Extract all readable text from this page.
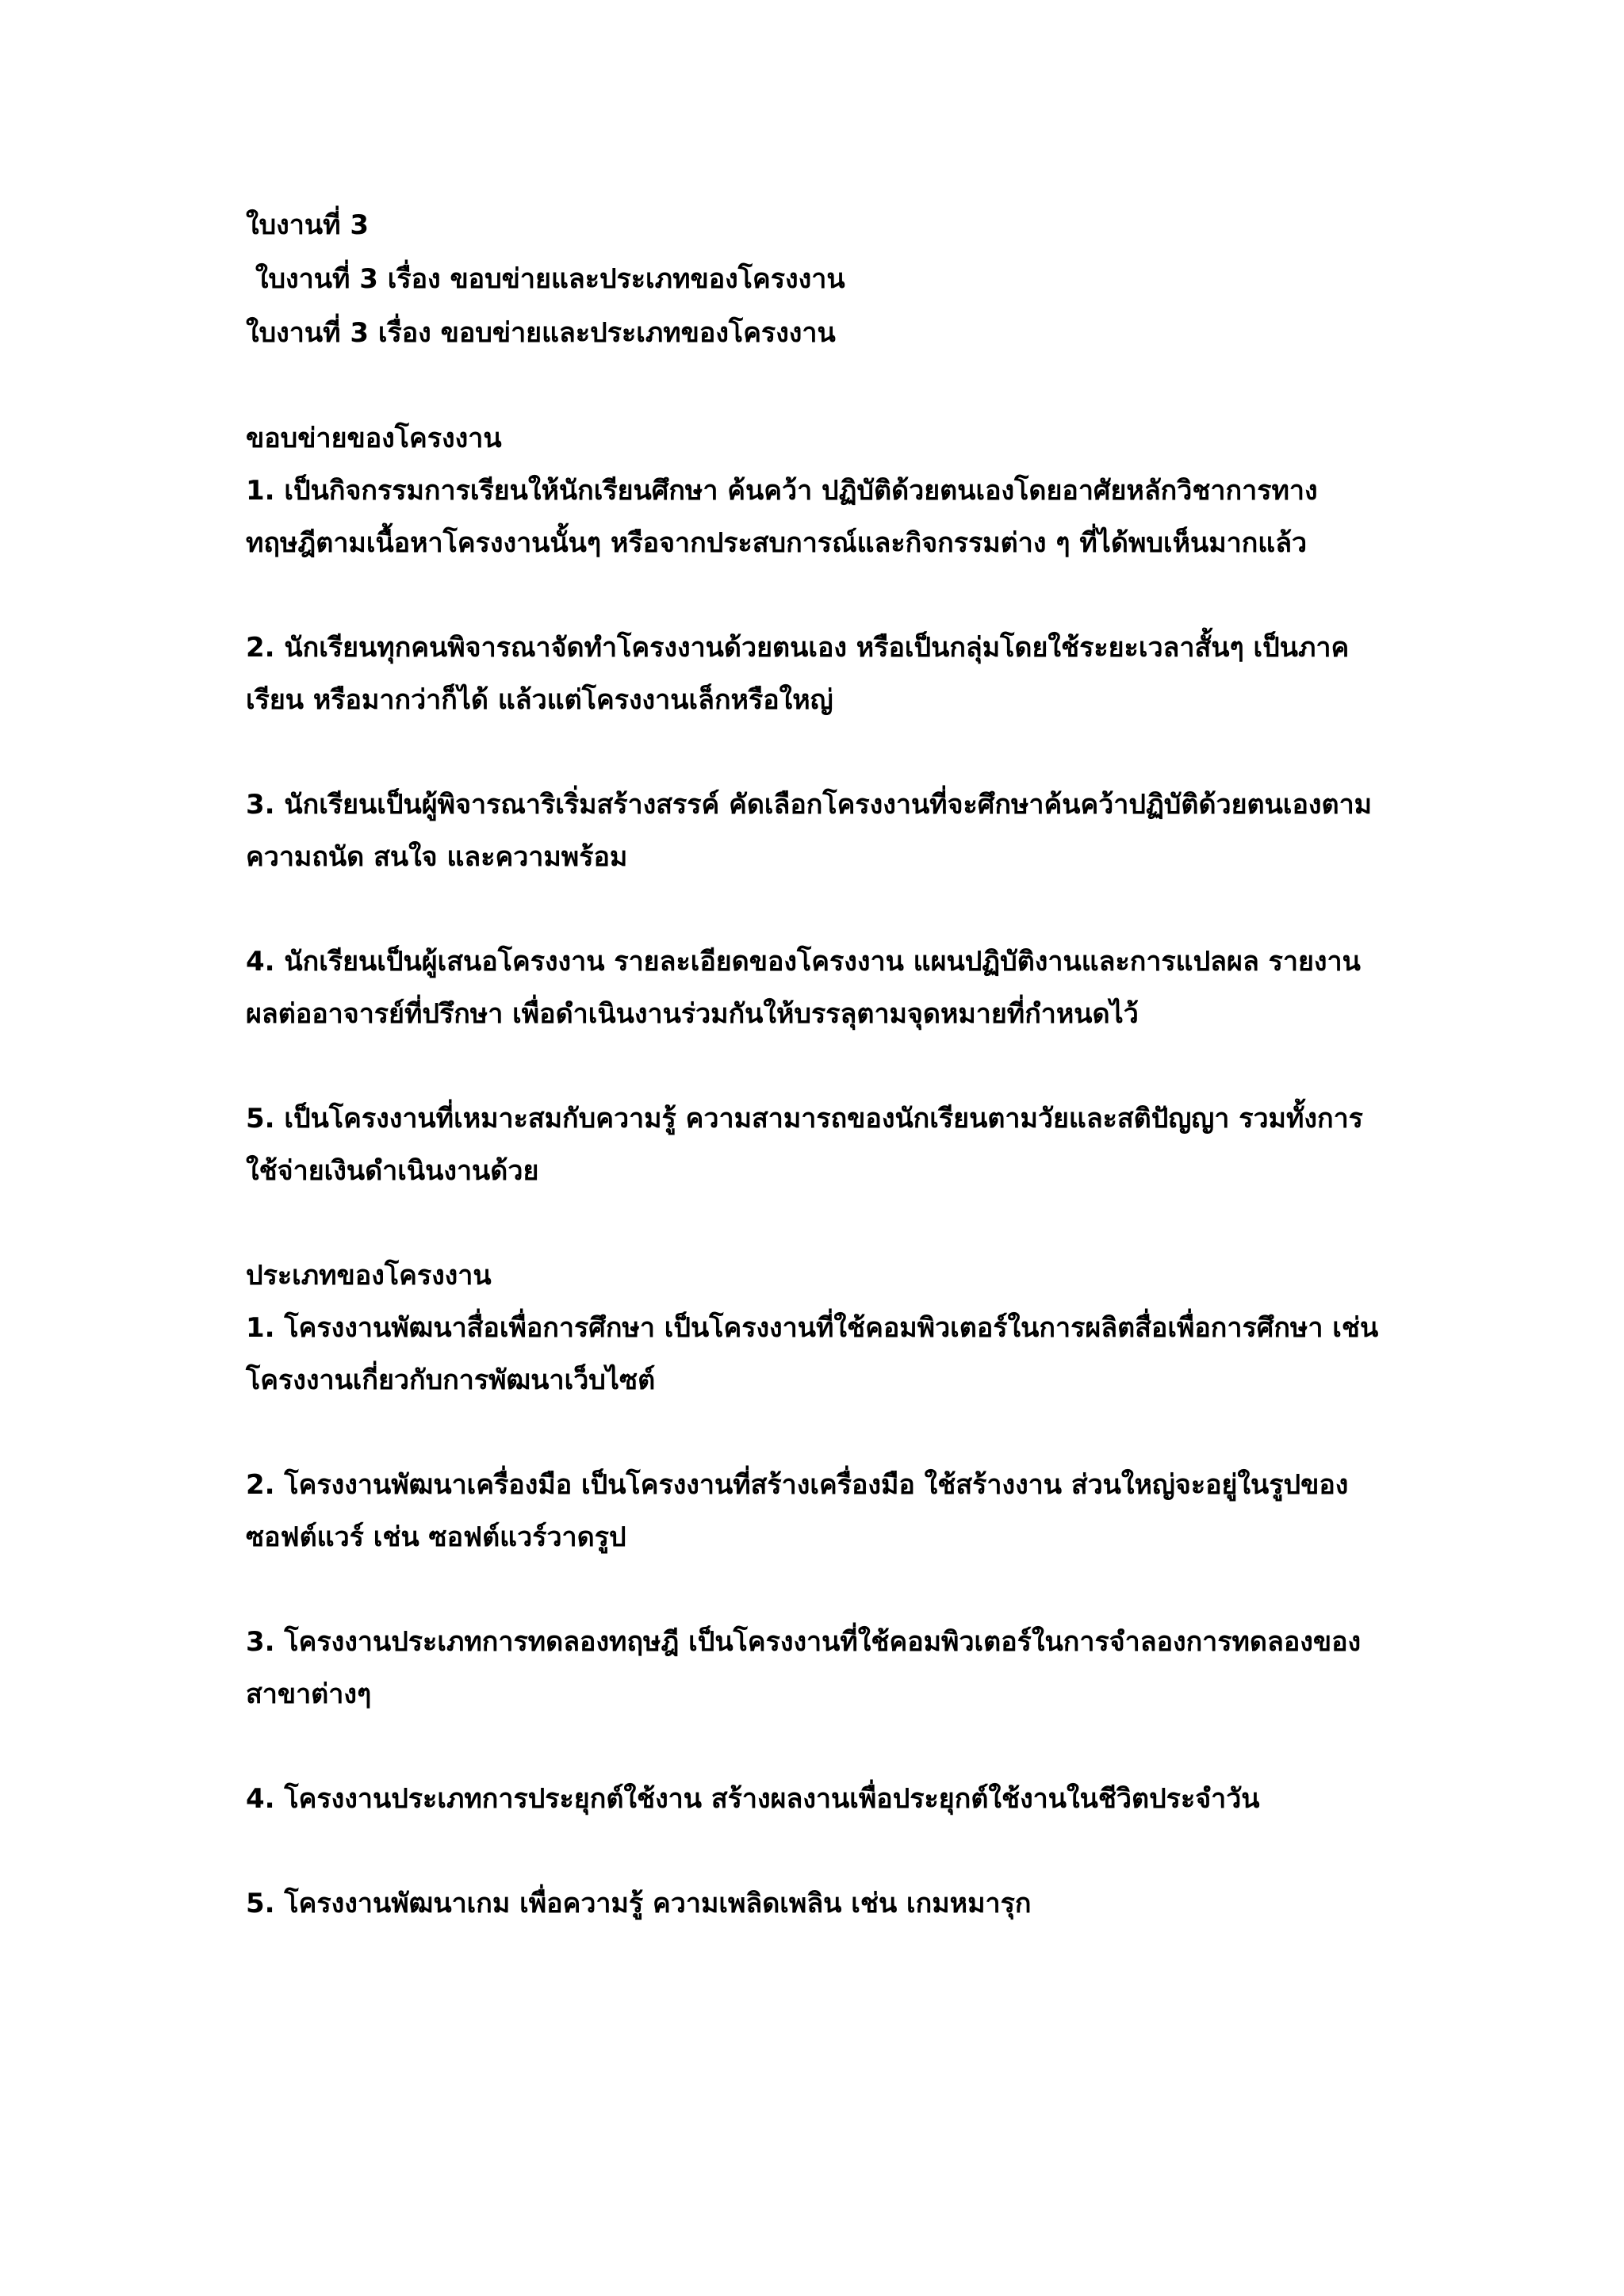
ใบงานที่ 3
ใบงานที่ 3 เรื่อง ขอบข่ายและประเภทของโครงงาน
ใบงานที่ 3 เรื่อง ขอบข่ายและประเภทของโครงงาน
ขอบข่ายของโครงงาน
1. เป็นกิจกรรมการเรียนให้นักเรียนศึกษา ค้นคว้า ปฏิบัติด้วยตนเองโดยอาศัยหลักวิชาการทาง
ทฤษฎีตามเนื้อหาโครงงานนั้นๆ หรือจากประสบการณ์และกิจกรรมต่าง ๆ ที่ได้พบเห็นมากแล้ว
2. นักเรียนทุกคนพิจารณาจัดทำโครงงานด้วยตนเอง หรือเป็นกลุ่มโดยใช้ระยะเวลาสั้นๆ เป็นภาค
เรียน หรือมากว่าก็ได้ แล้วแต่โครงงานเล็กหรือใหญ่
3. นักเรียนเป็นผู้พิจารณาริเริ่มสร้างสรรค์ คัดเลือกโครงงานที่จะศึกษาค้นคว้าปฏิบัติด้วยตนเองตาม
ความถนัด สนใจ และความพร้อม
4. นักเรียนเป็นผู้เสนอโครงงาน รายละเอียดของโครงงาน แผนปฏิบัติงานและการแปลผล รายงาน
ผลต่ออาจารย์ที่ปรึกษา เพื่อดำเนินงานร่วมกันให้บรรลุตามจุดหมายที่กำหนดไว้
5. เป็นโครงงานที่เหมาะสมกับความรู้ ความสามารถของนักเรียนตามวัยและสติปัญญา รวมทั้งการ
ใช้จ่ายเงินดำเนินงานด้วย
ประเภทของโครงงาน
1. โครงงานพัฒนาสื่อเพื่อการศึกษา เป็นโครงงานที่ใช้คอมพิวเตอร์ในการผลิตสื่อเพื่อการศึกษา เช่น
โครงงานเกี่ยวกับการพัฒนาเว็บไซต์
2. โครงงานพัฒนาเครื่องมือ เป็นโครงงานที่สร้างเครื่องมือ ใช้สร้างงาน ส่วนใหญ่จะอยู่ในรูปของ
ซอฟต์แวร์ เช่น ซอฟต์แวร์วาดรูป
3. โครงงานประเภทการทดลองทฤษฎี เป็นโครงงานที่ใช้คอมพิวเตอร์ในการจำลองการทดลองของ
สาขาต่างๆ
4. โครงงานประเภทการประยุกต์ใช้งาน สร้างผลงานเพื่อประยุกต์ใช้งานในชีวิตประจำวัน
5. โครงงานพัฒนาเกม เพื่อความรู้ ความเพลิดเพลิน เช่น เกมหมารุก
